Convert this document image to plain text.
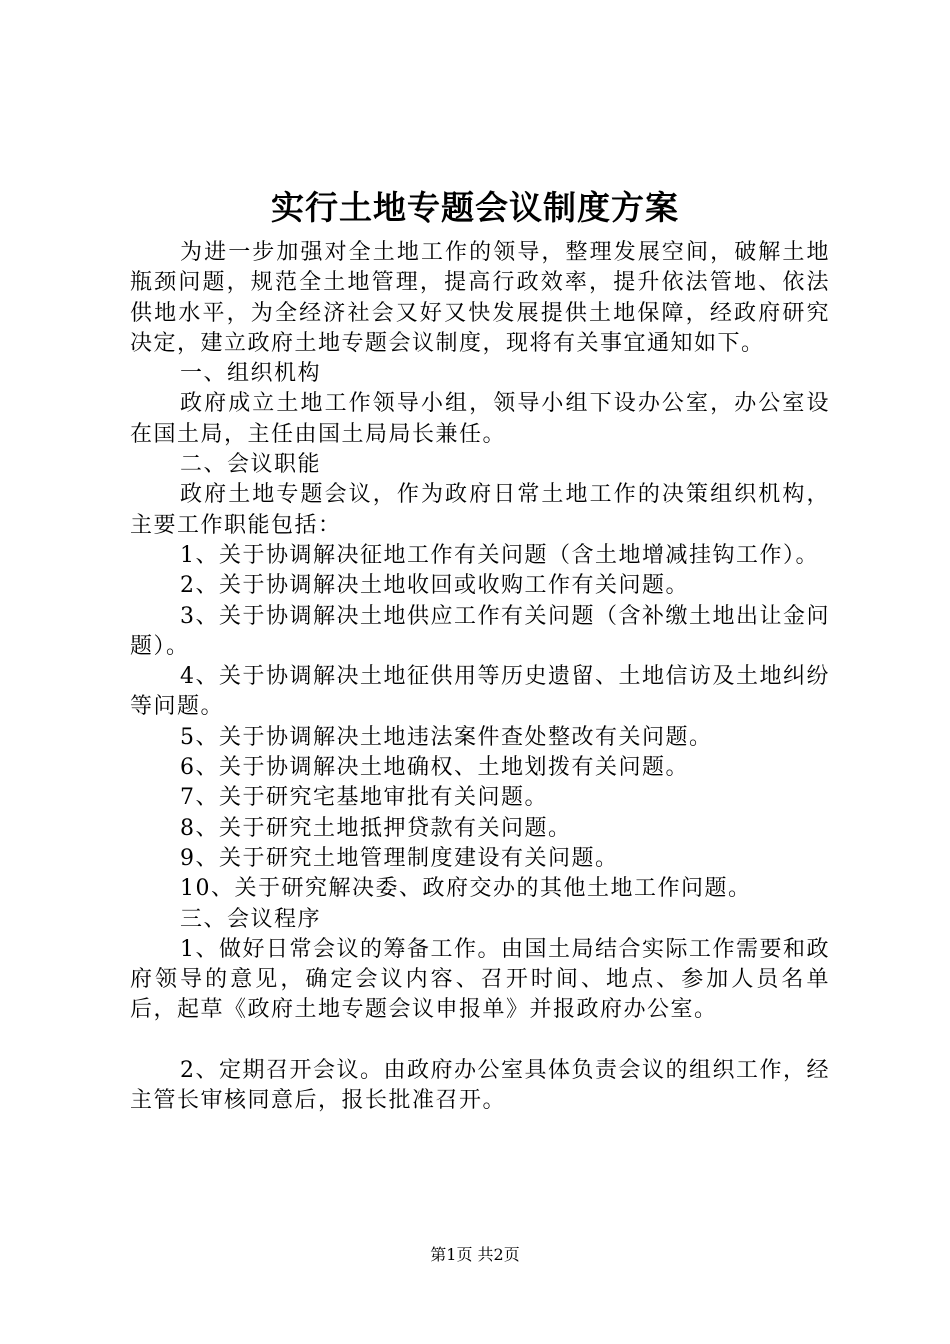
实行土地专题会议制度方案

为进一步加强对全土地工作的领导，整理发展空间，破解土地瓶颈问题，规范全土地管理，提高行政效率，提升依法管地、依法供地水平，为全经济社会又好又快发展提供土地保障，经政府研究决定，建立政府土地专题会议制度，现将有关事宜通知如下。

一、组织机构

政府成立土地工作领导小组，领导小组下设办公室，办公室设在国土局，主任由国土局局长兼任。

二、会议职能

政府土地专题会议，作为政府日常土地工作的决策组织机构，主要工作职能包括：

1、关于协调解决征地工作有关问题（含土地增减挂钩工作）。

2、关于协调解决土地收回或收购工作有关问题。

3、关于协调解决土地供应工作有关问题（含补缴土地出让金问题）。

4、关于协调解决土地征供用等历史遗留、土地信访及土地纠纷等问题。

5、关于协调解决土地违法案件查处整改有关问题。

6、关于协调解决土地确权、土地划拨有关问题。

7、关于研究宅基地审批有关问题。

8、关于研究土地抵押贷款有关问题。

9、关于研究土地管理制度建设有关问题。

10、关于研究解决委、政府交办的其他土地工作问题。

三、会议程序

1、做好日常会议的筹备工作。由国土局结合实际工作需要和政府领导的意见，确定会议内容、召开时间、地点、参加人员名单后，起草《政府土地专题会议申报单》并报政府办公室。

2、定期召开会议。由政府办公室具体负责会议的组织工作，经主管长审核同意后，报长批准召开。

第1页 共2页
